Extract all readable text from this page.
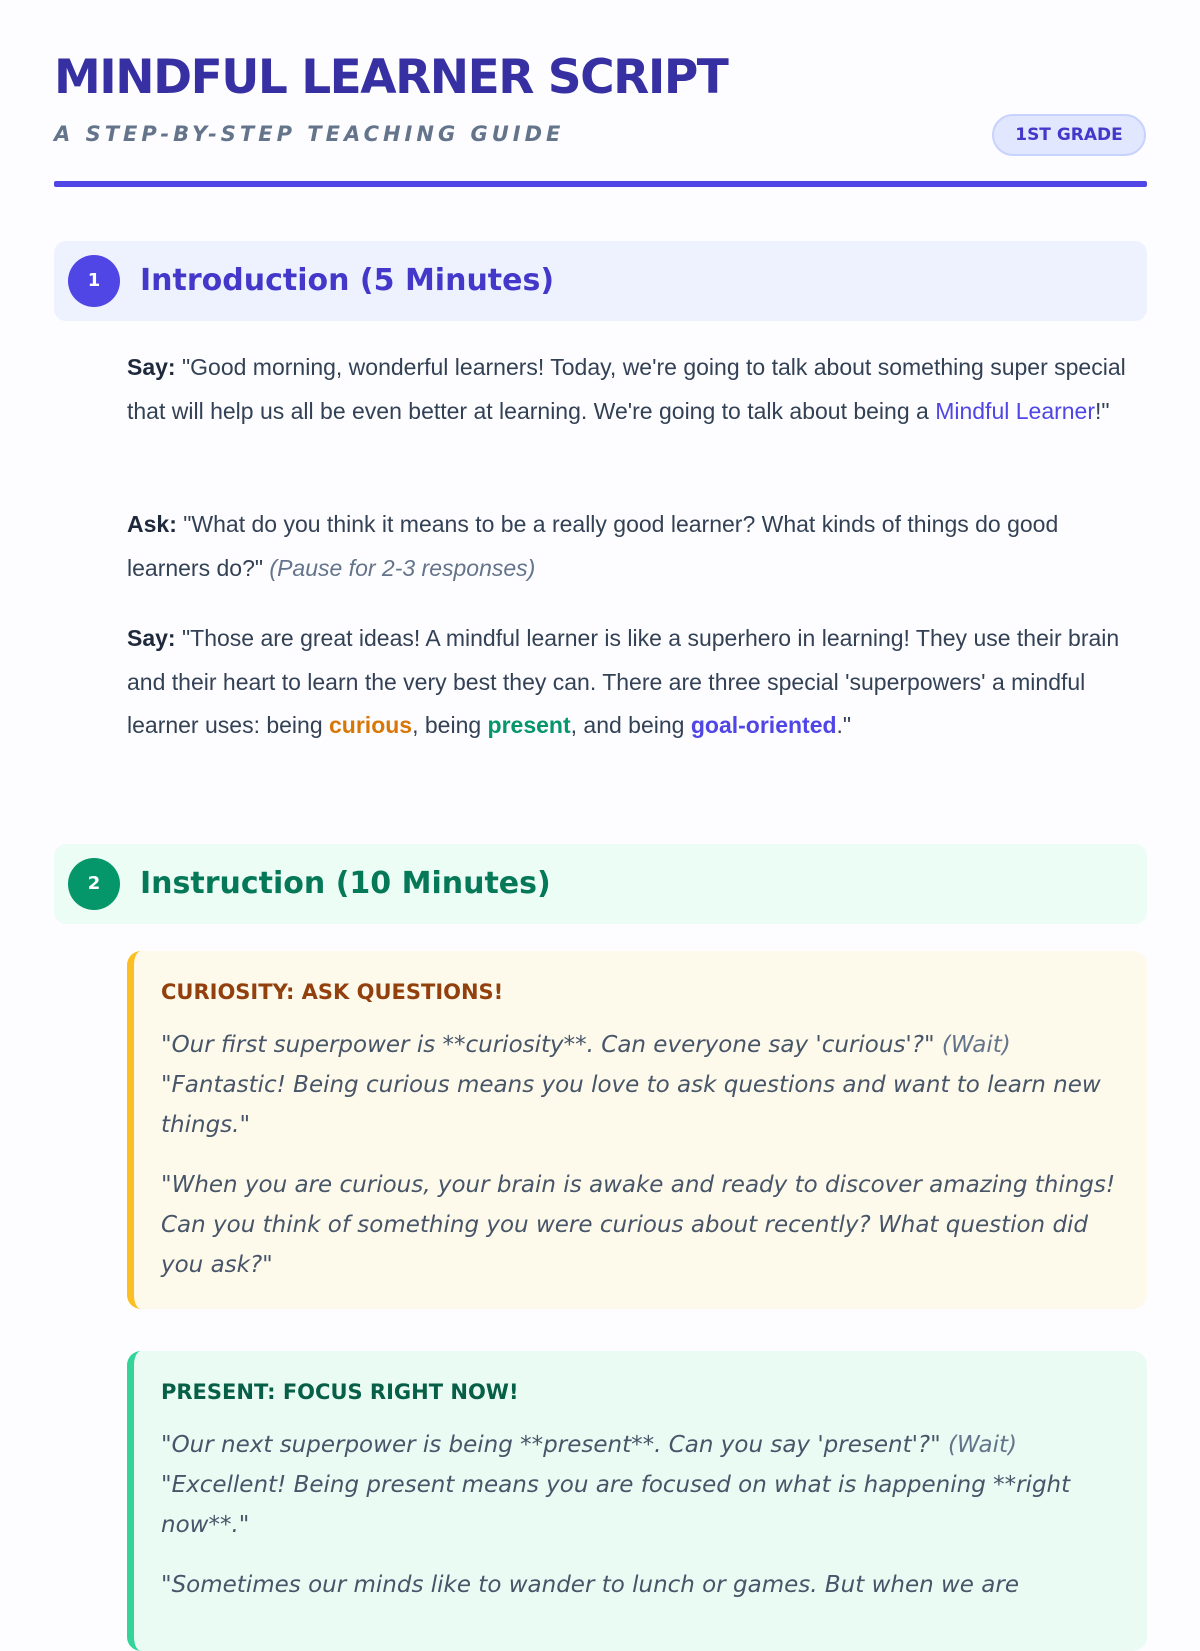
MINDFUL LEARNER SCRIPT
A STEP-BY-STEP TEACHING GUIDE	1ST GRADE
1	Introduction (5 Minutes)

Say: "Good morning, wonderful learners! Today, we're going to talk about something super special that will help us all be even better at learning. We're going to talk about being a Mindful Learner!"

Ask: "What do you think it means to be a really good learner? What kinds of things do good learners do?" (Pause for 2-3 responses)

Say: "Those are great ideas! A mindful learner is like a superhero in learning! They use their brain and their heart to learn the very best they can. There are three special 'superpowers' a mindful learner uses: being curious, being present, and being goal-oriented."

2	Instruction (10 Minutes)
CURIOSITY: ASK QUESTIONS!

"Our first superpower is **curiosity**. Can everyone say 'curious'?" (Wait) "Fantastic! Being curious means you love to ask questions and want to learn new things."

"When you are curious, your brain is awake and ready to discover amazing things! Can you think of something you were curious about recently? What question did you ask?"

PRESENT: FOCUS RIGHT NOW!

"Our next superpower is being **present**. Can you say 'present'?" (Wait) "Excellent! Being present means you are focused on what is happening **right now**."

"Sometimes our minds like to wander to lunch or games. But when we are
